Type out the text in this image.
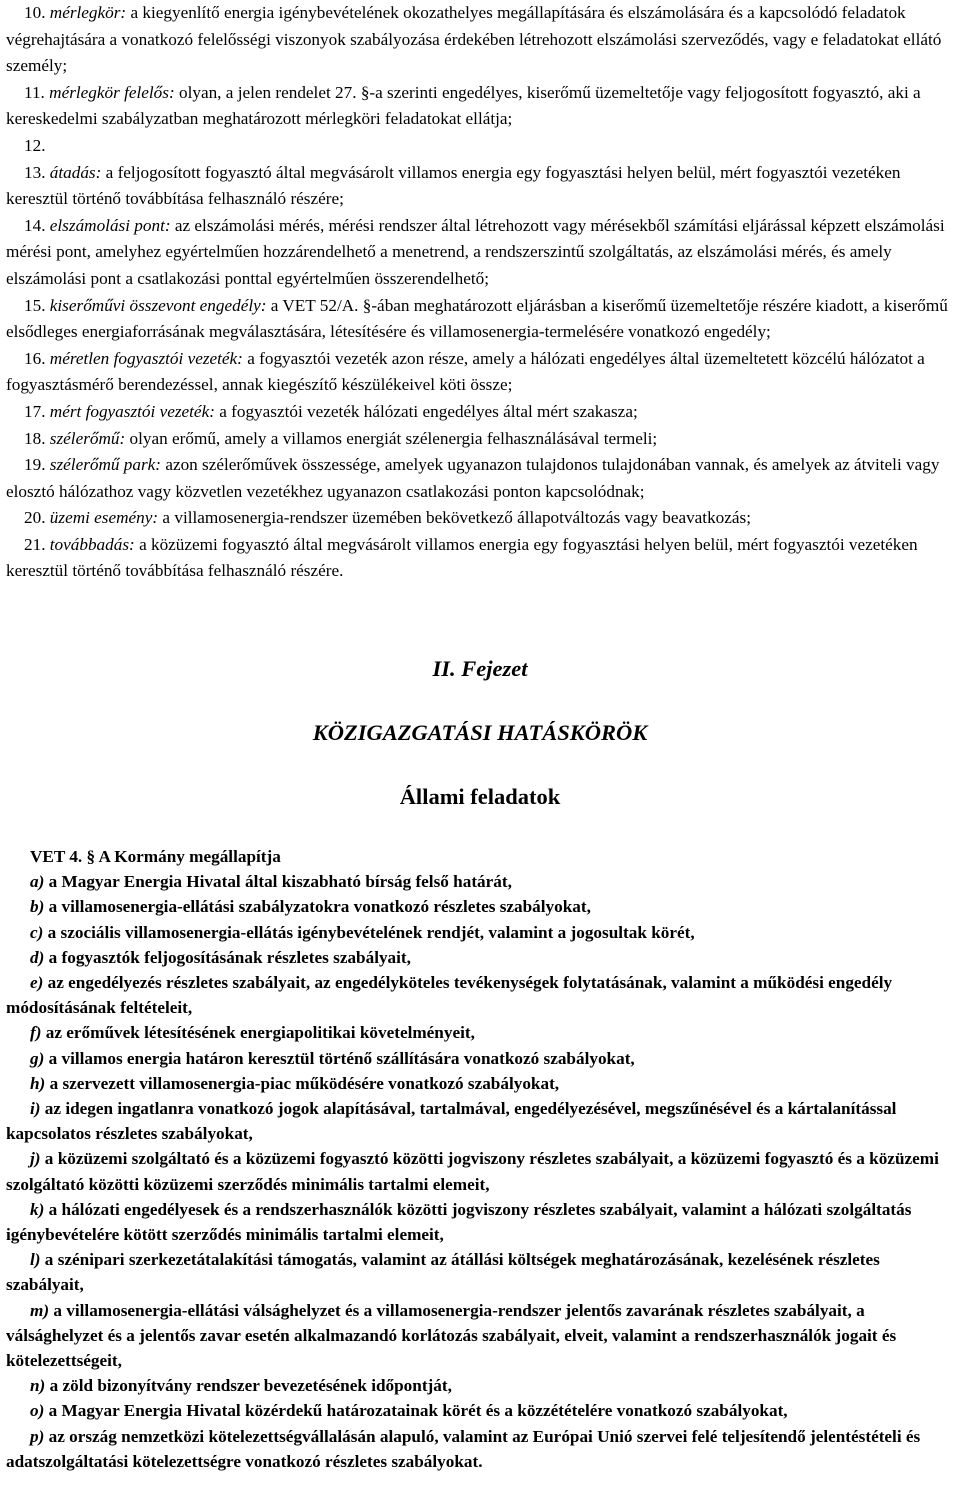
10. mérlegkör: a kiegyenlítő energia igénybevételének okozathelyes megállapítására és elszámolására és a kapcsolódó feladatok végrehajtására a vonatkozó felelősségi viszonyok szabályozása érdekében létrehozott elszámolási szerveződés, vagy e feladatokat ellátó személy;

11. mérlegkör felelős: olyan, a jelen rendelet 27. §-a szerinti engedélyes, kiserőmű üzemeltetője vagy feljogosított fogyasztó, aki a kereskedelmi szabályzatban meghatározott mérlegköri feladatokat ellátja;

12.

13. átadás: a feljogosított fogyasztó által megvásárolt villamos energia egy fogyasztási helyen belül, mért fogyasztói vezetéken keresztül történő továbbítása felhasználó részére;

14. elszámolási pont: az elszámolási mérés, mérési rendszer által létrehozott vagy mérésekből számítási eljárással képzett elszámolási mérési pont, amelyhez egyértelműen hozzárendelhető a menetrend, a rendszerszintű szolgáltatás, az elszámolási mérés, és amely elszámolási pont a csatlakozási ponttal egyértelműen összerendelhető;

15. kiserőművi összevont engedély: a VET 52/A. §-ában meghatározott eljárásban a kiserőmű üzemeltetője részére kiadott, a kiserőmű elsődleges energiaforrásának megválasztására, létesítésére és villamosenergia-termelésére vonatkozó engedély;

16. méretlen fogyasztói vezeték: a fogyasztói vezeték azon része, amely a hálózati engedélyes által üzemeltetett közcélú hálózatot a fogyasztásmérő berendezéssel, annak kiegészítő készülékeivel köti össze;

17. mért fogyasztói vezeték: a fogyasztói vezeték hálózati engedélyes által mért szakasza;

18. szélerőmű: olyan erőmű, amely a villamos energiát szélenergia felhasználásával termeli;

19. szélerőmű park: azon szélerőművek összessége, amelyek ugyanazon tulajdonos tulajdonában vannak, és amelyek az átviteli vagy elosztó hálózathoz vagy közvetlen vezetékhez ugyanazon csatlakozási ponton kapcsolódnak;

20. üzemi esemény: a villamosenergia-rendszer üzemében bekövetkező állapotváltozás vagy beavatkozás;

21. továbbadás: a közüzemi fogyasztó által megvásárolt villamos energia egy fogyasztási helyen belül, mért fogyasztói vezetéken keresztül történő továbbítása felhasználó részére.

II. Fejezet
KÖZIGAZGATÁSI HATÁSKÖRÖK
Állami feladatok

VET 4. § A Kormány megállapítja

a) a Magyar Energia Hivatal által kiszabható bírság felső határát,

b) a villamosenergia-ellátási szabályzatokra vonatkozó részletes szabályokat,

c) a szociális villamosenergia-ellátás igénybevételének rendjét, valamint a jogosultak körét,

d) a fogyasztók feljogosításának részletes szabályait,

e) az engedélyezés részletes szabályait, az engedélyköteles tevékenységek folytatásának, valamint a működési engedély módosításának feltételeit,

f) az erőművek létesítésének energiapolitikai követelményeit,

g) a villamos energia határon keresztül történő szállítására vonatkozó szabályokat,

h) a szervezett villamosenergia-piac működésére vonatkozó szabályokat,

i) az idegen ingatlanra vonatkozó jogok alapításával, tartalmával, engedélyezésével, megszűnésével és a kártalanítással kapcsolatos részletes szabályokat,

j) a közüzemi szolgáltató és a közüzemi fogyasztó közötti jogviszony részletes szabályait, a közüzemi fogyasztó és a közüzemi szolgáltató közötti közüzemi szerződés minimális tartalmi elemeit,

k) a hálózati engedélyesek és a rendszerhasználók közötti jogviszony részletes szabályait, valamint a hálózati szolgáltatás igénybevételére kötött szerződés minimális tartalmi elemeit,

l) a szénipari szerkezetátalakítási támogatás, valamint az átállási költségek meghatározásának, kezelésének részletes szabályait,

m) a villamosenergia-ellátási válsághelyzet és a villamosenergia-rendszer jelentős zavarának részletes szabályait, a válsághelyzet és a jelentős zavar esetén alkalmazandó korlátozás szabályait, elveit, valamint a rendszerhasználók jogait és kötelezettségeit,

n) a zöld bizonyítvány rendszer bevezetésének időpontját,

o) a Magyar Energia Hivatal közérdekű határozatainak körét és a közzétételére vonatkozó szabályokat,

p) az ország nemzetközi kötelezettségvállalásán alapuló, valamint az Európai Unió szervei felé teljesítendő jelentéstételi és adatszolgáltatási kötelezettségre vonatkozó részletes szabályokat.
